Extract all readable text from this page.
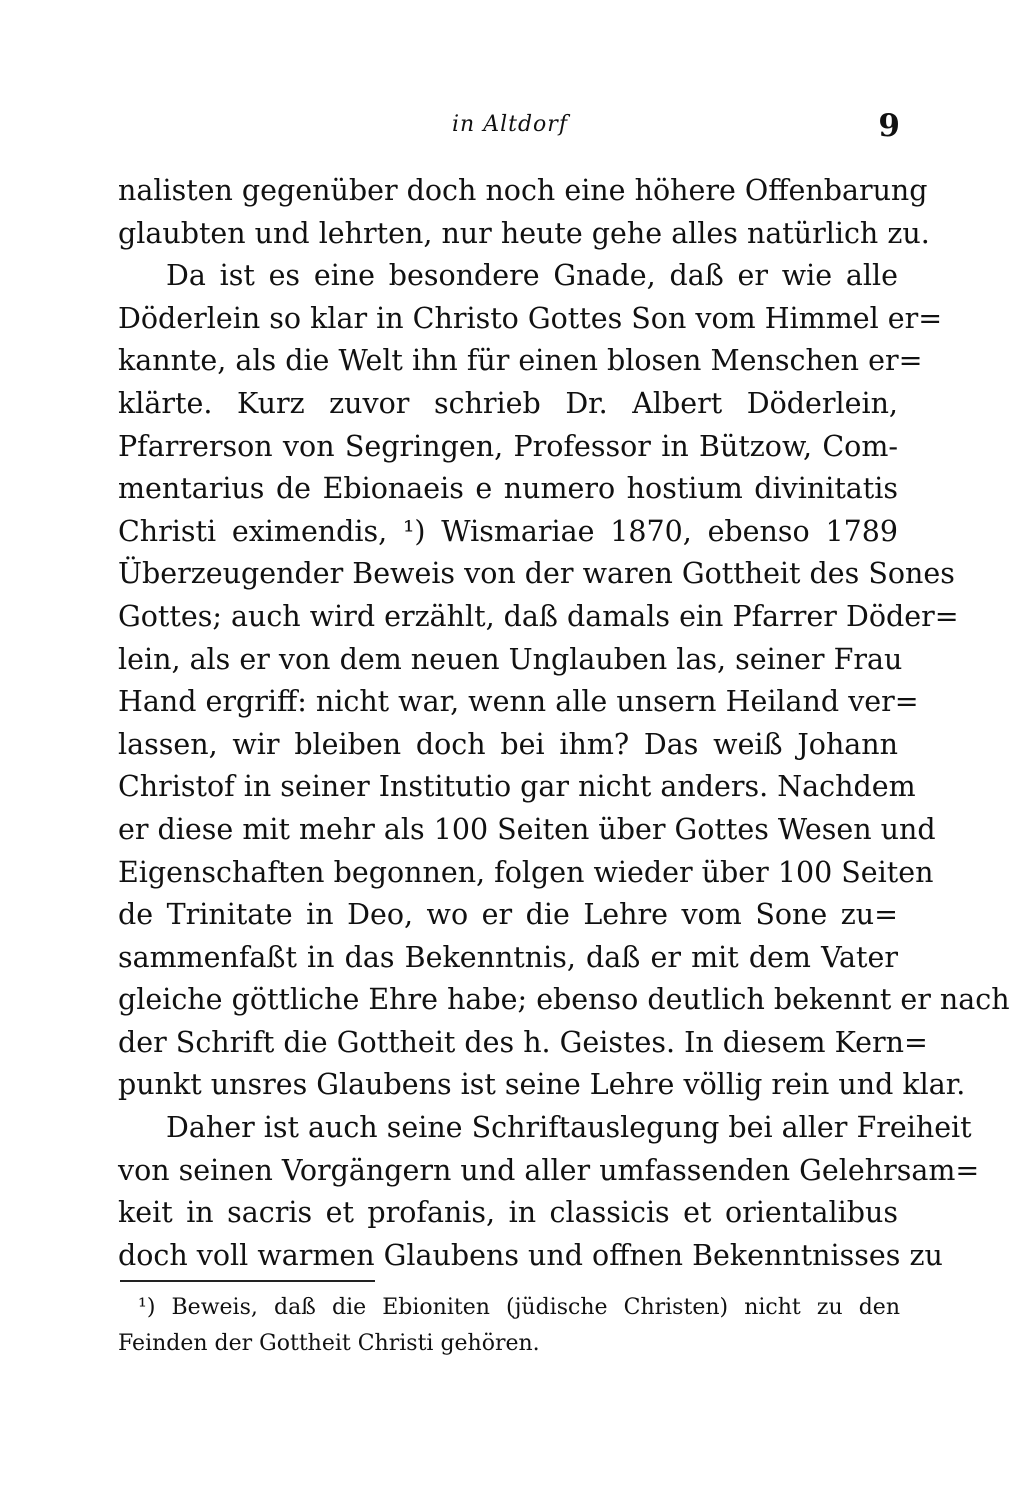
in Altdorf	9
nalisten gegenüber doch noch eine höhere Offenbarung
glaubten und lehrten, nur heute gehe alles natürlich zu.
Da ist es eine besondere Gnade, daß er wie alle
Döderlein so klar in Christo Gottes Son vom Himmel er=
kannte, als die Welt ihn für einen blosen Menschen er=
klärte. Kurz zuvor schrieb Dr. Albert Döderlein,
Pfarrerson von Segringen, Professor in Bützow, Com-
mentarius de Ebionaeis e numero hostium divinitatis
Christi eximendis, ¹) Wismariae 1870, ebenso 1789
Überzeugender Beweis von der waren Gottheit des Sones
Gottes; auch wird erzählt, daß damals ein Pfarrer Döder=
lein, als er von dem neuen Unglauben las, seiner Frau
Hand ergriff: nicht war, wenn alle unsern Heiland ver=
lassen, wir bleiben doch bei ihm? Das weiß Johann
Christof in seiner Institutio gar nicht anders. Nachdem
er diese mit mehr als 100 Seiten über Gottes Wesen und
Eigenschaften begonnen, folgen wieder über 100 Seiten
de Trinitate in Deo, wo er die Lehre vom Sone zu=
sammenfaßt in das Bekenntnis, daß er mit dem Vater
gleiche göttliche Ehre habe; ebenso deutlich bekennt er nach
der Schrift die Gottheit des h. Geistes. In diesem Kern=
punkt unsres Glaubens ist seine Lehre völlig rein und klar.
Daher ist auch seine Schriftauslegung bei aller Freiheit
von seinen Vorgängern und aller umfassenden Gelehrsam=
keit in sacris et profanis, in classicis et orientalibus
doch voll warmen Glaubens und offnen Bekenntnisses zu
¹) Beweis, daß die Ebioniten (jüdische Christen) nicht zu den
Feinden der Gottheit Christi gehören.
